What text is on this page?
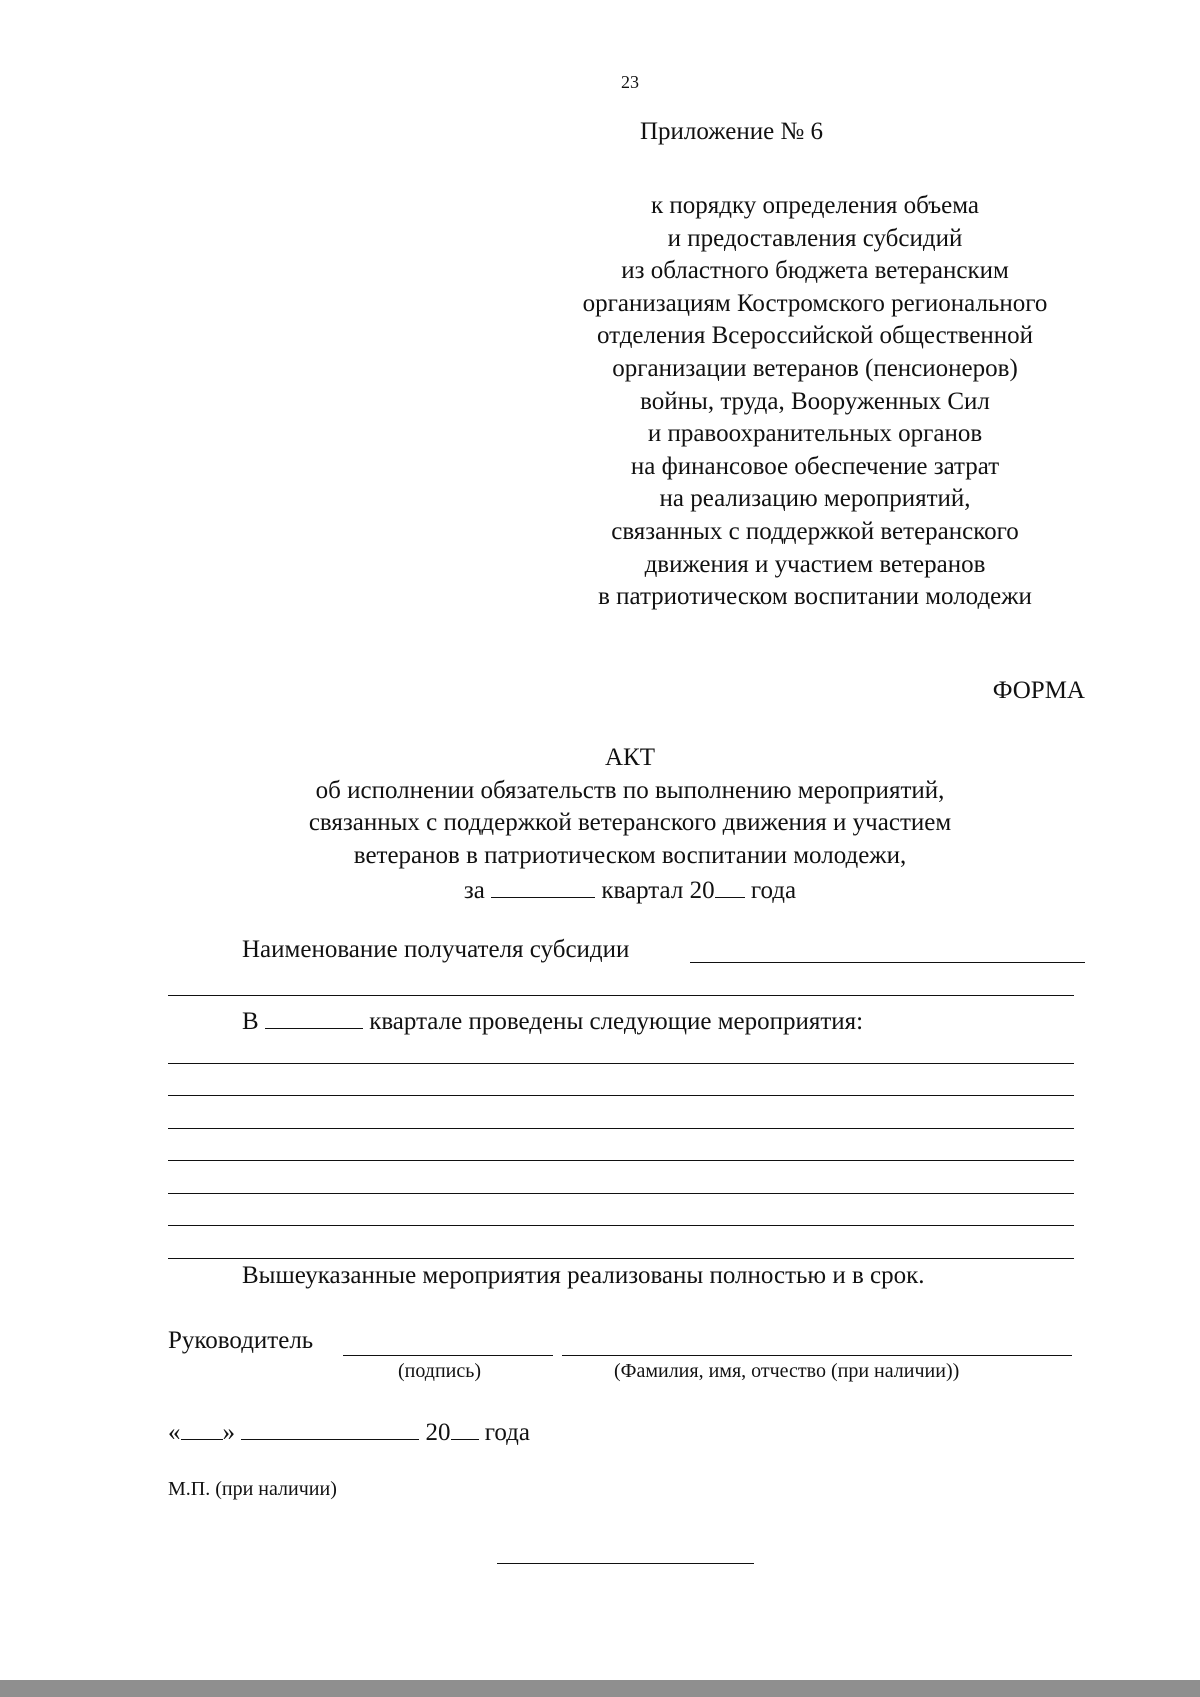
23
Приложение № 6
к порядку определения объема
и предоставления субсидий
из областного бюджета ветеранским
организациям Костромского регионального
отделения Всероссийской общественной
организации ветеранов (пенсионеров)
войны, труда, Вооруженных Сил
и правоохранительных органов
на финансовое обеспечение затрат
на реализацию мероприятий,
связанных с поддержкой ветеранского
движения и участием ветеранов
в патриотическом воспитании молодежи
ФОРМА
АКТ
об исполнении обязательств по выполнению мероприятий,
связанных с поддержкой ветеранского движения и участием
ветеранов в патриотическом воспитании молодежи,
за	квартал 20 года
Наименование получателя субсидии
В	квартале проведены следующие мероприятия:
Вышеуказанные мероприятия реализованы полностью и в срок.
Руководитель
(подпись)	(Фамилия, имя, отчество (при наличии))
« »	20 года
М.П. (при наличии)
